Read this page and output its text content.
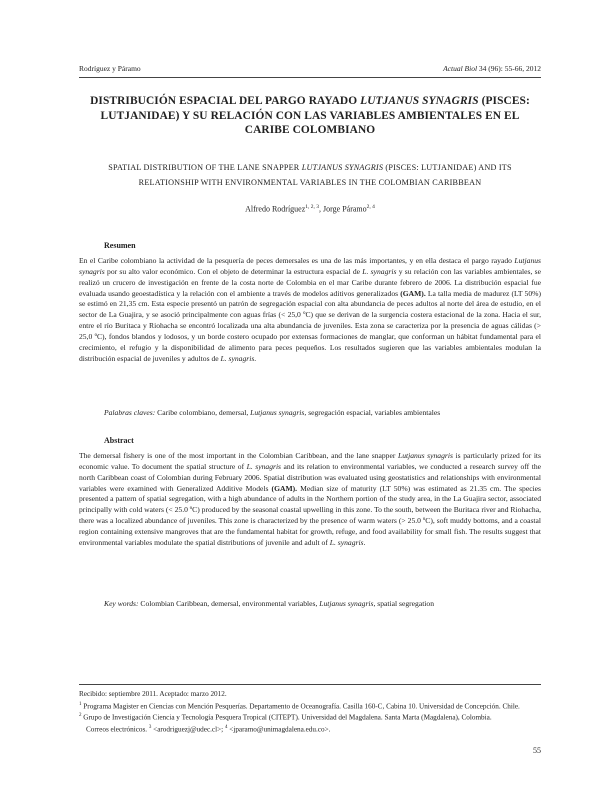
Rodríguez y Páramo	Actual Biol 34 (96): 55-66, 2012
DISTRIBUCIÓN ESPACIAL DEL PARGO RAYADO LUTJANUS SYNAGRIS (PISCES: LUTJANIDAE) Y SU RELACIÓN CON LAS VARIABLES AMBIENTALES EN EL CARIBE COLOMBIANO
SPATIAL DISTRIBUTION OF THE LANE SNAPPER LUTJANUS SYNAGRIS (PISCES: LUTJANIDAE) AND ITS RELATIONSHIP WITH ENVIRONMENTAL VARIABLES IN THE COLOMBIAN CARIBBEAN
Alfredo Rodríguez$^{1, 2, 3}$, Jorge Páramo$^{2, 4}$
Resumen

En el Caribe colombiano la actividad de la pesquería de peces demersales es una de las más importantes, y en ella destaca el pargo rayado Lutjanus synagris por su alto valor económico. Con el objeto de determinar la estructura espacial de L. synagris y su relación con las variables ambientales, se realizó un crucero de investigación en frente de la costa norte de Colombia en el mar Caribe durante febrero de 2006. La distribución espacial fue evaluada usando geoestadística y la relación con el ambiente a través de modelos aditivos generalizados (GAM). La talla media de madurez (LT 50%) se estimó en 21,35 cm. Esta especie presentó un patrón de segregación espacial con alta abundancia de peces adultos al norte del área de estudio, en el sector de La Guajira, y se asoció principalmente con aguas frías (< 25,0 ºC) que se derivan de la surgencia costera estacional de la zona. Hacia el sur, entre el río Buritaca y Riohacha se encontró localizada una alta abundancia de juveniles. Esta zona se caracteriza por la presencia de aguas cálidas (> 25,0 ºC), fondos blandos y lodosos, y un borde costero ocupado por extensas formaciones de manglar, que conforman un hábitat fundamental para el crecimiento, el refugio y la disponibilidad de alimento para peces pequeños. Los resultados sugieren que las variables ambientales modulan la distribución espacial de juveniles y adultos de L. synagris.

Palabras claves: Caribe colombiano, demersal, Lutjanus synagris, segregación espacial, variables ambientales
Abstract

The demersal fishery is one of the most important in the Colombian Caribbean, and the lane snapper Lutjanus synagris is particularly prized for its economic value. To document the spatial structure of L. synagris and its relation to environmental variables, we conducted a research survey off the north Caribbean coast of Colombian during February 2006. Spatial distribution was evaluated using geostatistics and relationships with environmental variables were examined with Generalized Additive Models (GAM). Median size of maturity (LT 50%) was estimated as 21.35 cm. The species presented a pattern of spatial segregation, with a high abundance of adults in the Northern portion of the study area, in the La Guajira sector, associated principally with cold waters (< 25.0 ºC) produced by the seasonal coastal upwelling in this zone. To the south, between the Buritaca river and Riohacha, there was a localized abundance of juveniles. This zone is characterized by the presence of warm waters (> 25.0 ºC), soft muddy bottoms, and a coastal region containing extensive mangroves that are the fundamental habitat for growth, refuge, and food availability for small fish. The results suggest that environmental variables modulate the spatial distributions of juvenile and adult of L. synagris.

Key words: Colombian Caribbean, demersal, environmental variables, Lutjanus synagris, spatial segregation

Recibido: septiembre 2011. Aceptado: marzo 2012.

$^1$ Programa Magister en Ciencias con Mención Pesquerías. Departamento de Oceanografía. Casilla 160-C, Cabina 10. Universidad de Concepción. Chile.

$^2$ Grupo de Investigación Ciencia y Tecnología Pesquera Tropical (CITEPT). Universidad del Magdalena. Santa Marta (Magdalena), Colombia.

Correos electrónicos. $^3$ <arodriguezj@udec.cl>; $^4$ <jparamo@unimagdalena.edu.co>.

55
